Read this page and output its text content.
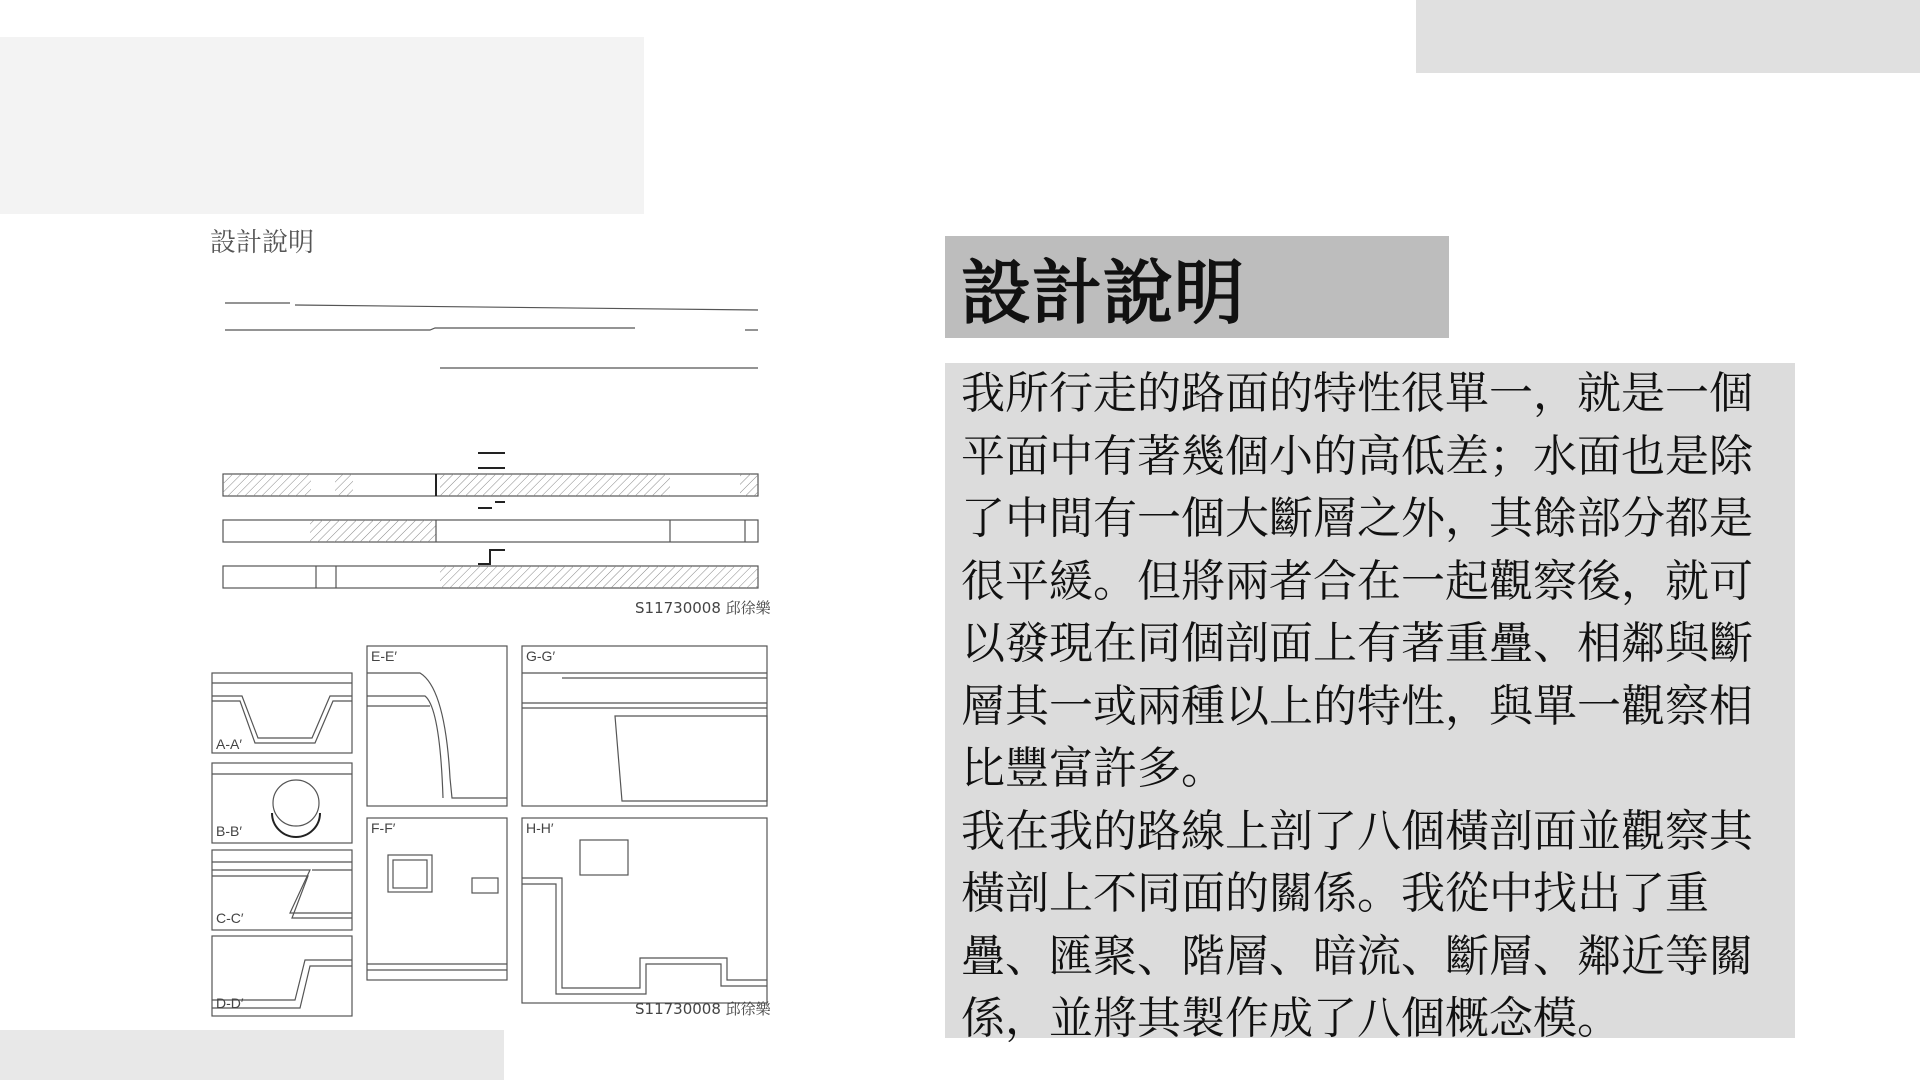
設計說明
S11730008 邱徐樂
A-A′
B-B′
C-C′
D-D′
E-E′
F-F′
G-G′
H-H′
S11730008 邱徐樂
設計說明

我所行走的路面的特性很單一，就是一個
平面中有著幾個小的高低差；水面也是除
了中間有一個大斷層之外，其餘部分都是
很平緩。但將兩者合在一起觀察後，就可
以發現在同個剖面上有著重疊、相鄰與斷
層其一或兩種以上的特性，與單一觀察相
比豐富許多。

我在我的路線上剖了八個橫剖面並觀察其
橫剖上不同面的關係。我從中找出了重
疊、匯聚、階層、暗流、斷層、鄰近等關
係，並將其製作成了八個概念模。
